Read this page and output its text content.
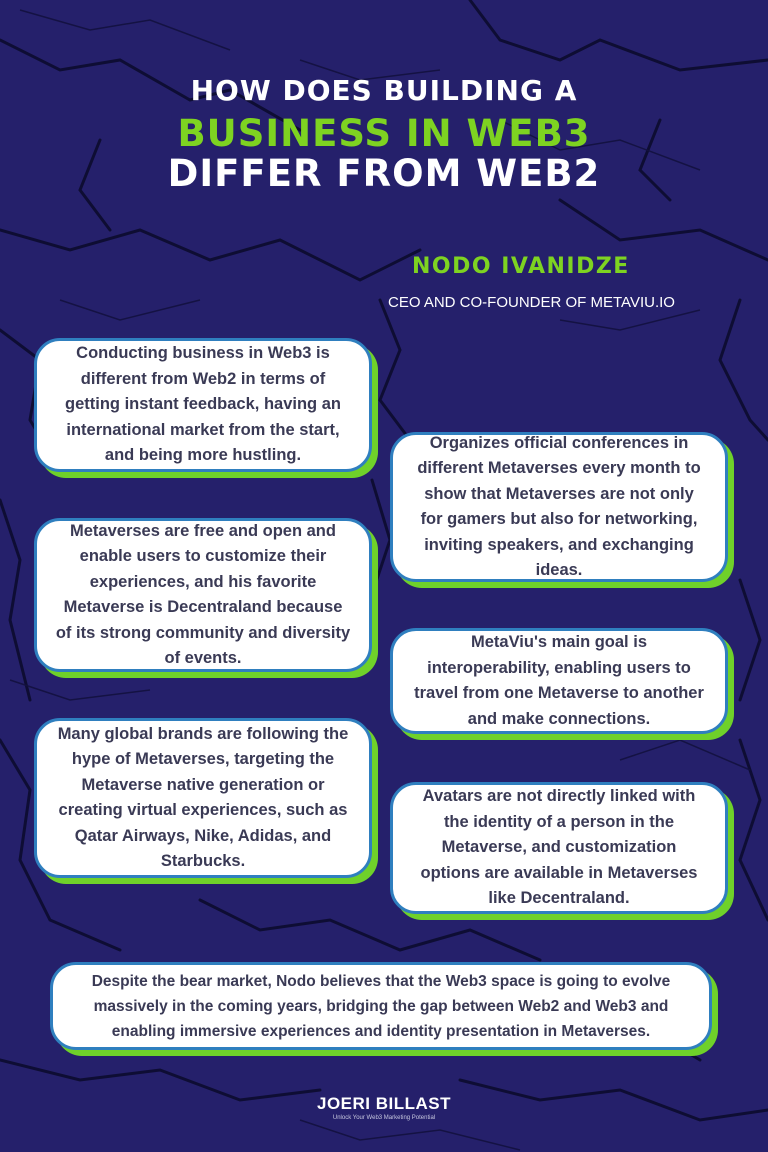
HOW DOES BUILDING A
BUSINESS IN WEB3
DIFFER FROM WEB2
NODO IVANIDZE
CEO AND CO-FOUNDER OF METAVIU.IO

Conducting business in Web3 is different from Web2 in terms of getting instant feedback, having an international market from the start, and being more hustling.

Organizes official conferences in different Metaverses every month to show that Metaverses are not only for gamers but also for networking, inviting speakers, and exchanging ideas.

Metaverses are free and open and enable users to customize their experiences, and his favorite Metaverse is Decentraland because of its strong community and diversity of events.

MetaViu's main goal is interoperability, enabling users to travel from one Metaverse to another and make connections.

Many global brands are following the hype of Metaverses, targeting the Metaverse native generation or creating virtual experiences, such as Qatar Airways, Nike, Adidas, and Starbucks.

Avatars are not directly linked with the identity of a person in the Metaverse, and customization options are available in Metaverses like Decentraland.

Despite the bear market, Nodo believes that the Web3 space is going to evolve massively in the coming years, bridging the gap between Web2 and Web3 and enabling immersive experiences and identity presentation in Metaverses.

JOERI BILLAST
Unlock Your Web3 Marketing Potential
